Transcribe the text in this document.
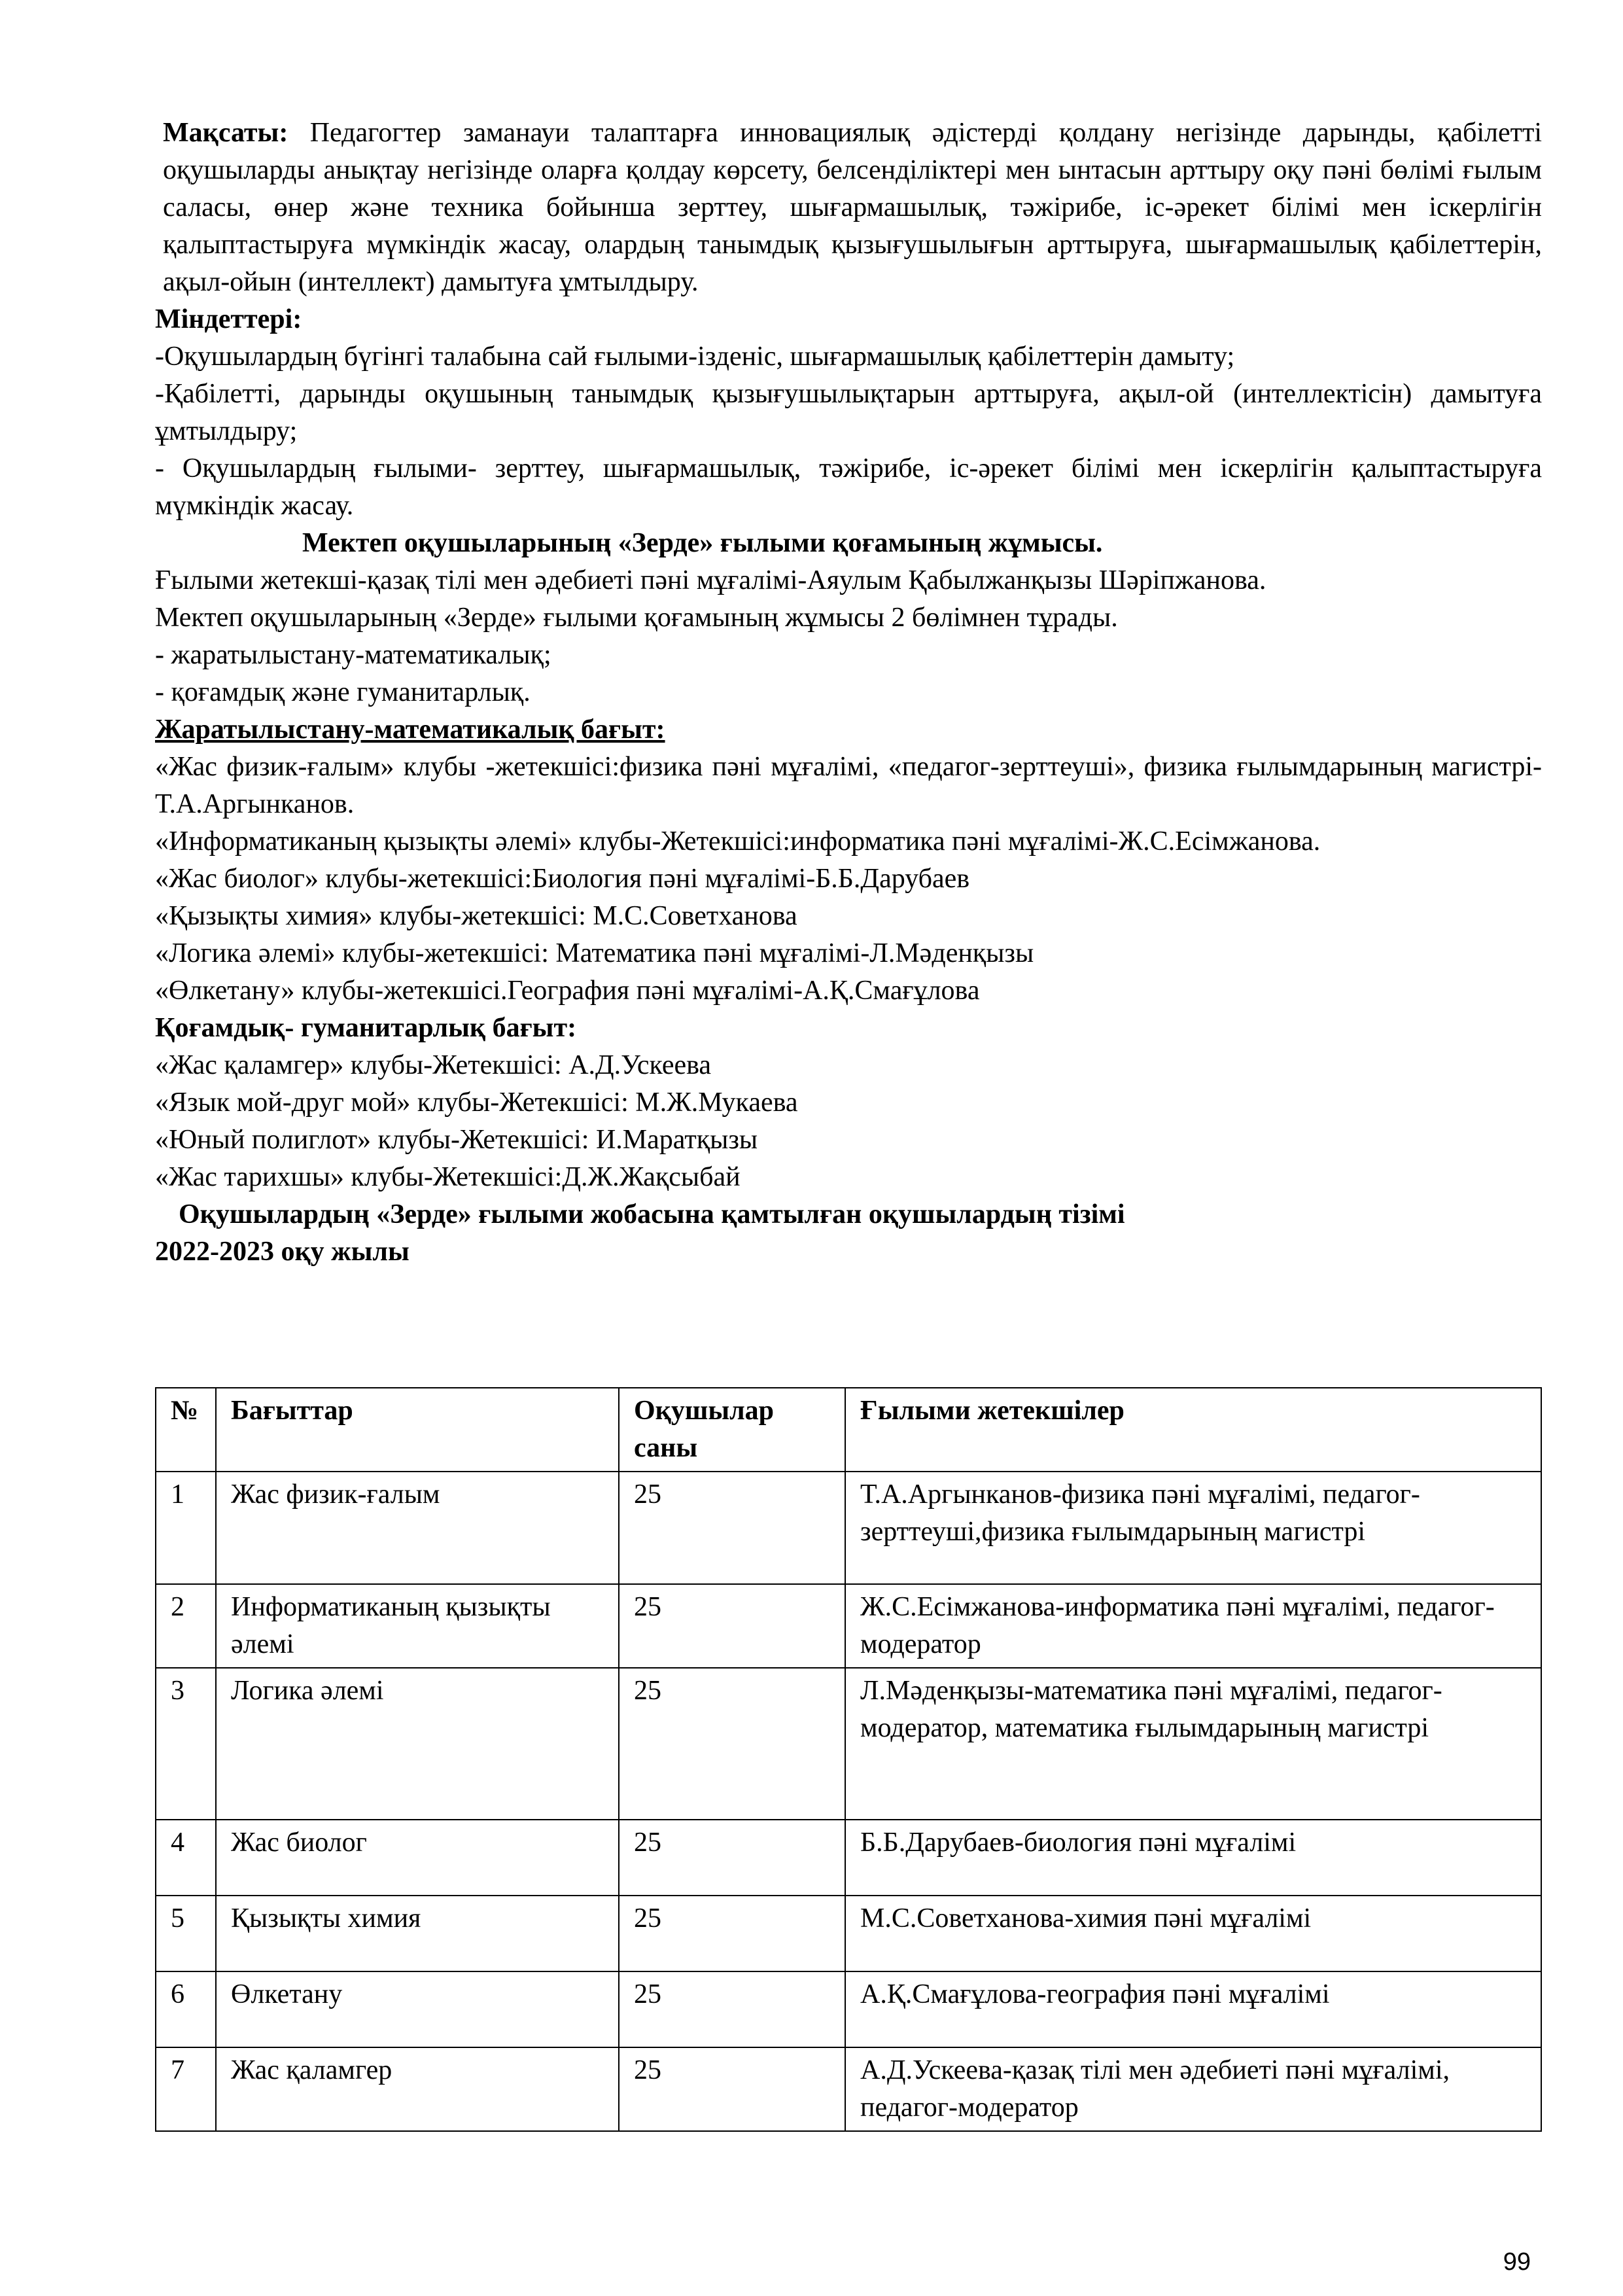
Мақсаты: Педагогтер заманауи талаптарға инновациялық әдістерді қолдану негізінде дарынды, қабілетті оқушыларды анықтау негізінде оларға қолдау көрсету, белсенділіктері мен ынтасын арттыру оқу пәні бөлімі ғылым саласы, өнер және техника бойынша зерттеу, шығармашылық, тәжірибе, іс-әрекет білімі мен іскерлігін қалыптастыруға мүмкіндік жасау, олардың танымдық қызығушылығын арттыруға, шығармашылық қабілеттерін, ақыл-ойын (интеллект) дамытуға ұмтылдыру.

Міндеттері:

-Оқушылардың бүгінгі талабына сай ғылыми-ізденіс, шығармашылық қабілеттерін дамыту;

-Қабілетті, дарынды оқушының танымдық қызығушылықтарын арттыруға, ақыл-ой (интеллектісін) дамытуға ұмтылдыру;

- Оқушылардың ғылыми- зерттеу, шығармашылық, тәжірибе, іс-әрекет білімі мен іскерлігін қалыптастыруға мүмкіндік жасау.

Мектеп оқушыларының «Зерде» ғылыми қоғамының жұмысы.

Ғылыми жетекші-қазақ тілі мен әдебиеті пәні мұғалімі-Аяулым Қабылжанқызы Шәріпжанова.

Мектеп оқушыларының «Зерде» ғылыми қоғамының жұмысы 2 бөлімнен тұрады.

- жаратылыстану-математикалық;

- қоғамдық және гуманитарлық.

Жаратылыстану-математикалық бағыт:

«Жас физик-ғалым» клубы -жетекшісі:физика пәні мұғалімі, «педагог-зерттеуші», физика ғылымдарының магистрі-Т.А.Аргынканов.

«Информатиканың қызықты әлемі» клубы-Жетекшісі:информатика пәні мұғалімі-Ж.С.Есімжанова.

«Жас биолог» клубы-жетекшісі:Биология пәні мұғалімі-Б.Б.Дарубаев

«Қызықты химия» клубы-жетекшісі: М.С.Советханова

«Логика әлемі» клубы-жетекшісі: Математика пәні мұғалімі-Л.Мәденқызы

«Өлкетану» клубы-жетекшісі.География пәні мұғалімі-А.Қ.Смағұлова

Қоғамдық- гуманитарлық бағыт:

«Жас қаламгер» клубы-Жетекшісі: А.Д.Ускеева

«Язык мой-друг мой» клубы-Жетекшісі: М.Ж.Мукаева

«Юный полиглот» клубы-Жетекшісі: И.Маратқызы

«Жас тарихшы» клубы-Жетекшісі:Д.Ж.Жақсыбай

Оқушылардың «Зерде» ғылыми жобасына қамтылған оқушылардың тізімі

2022-2023 оқу жылы

№	Бағыттар	Оқушылар саны	Ғылыми жетекшілер
1	Жас физик-ғалым	25	Т.А.Аргынканов-физика пәні мұғалімі, педагог-зерттеуші,физика ғылымдарының магистрі
2	Информатиканың қызықты әлемі	25	Ж.С.Есімжанова-информатика пәні мұғалімі, педагог-модератор
3	Логика әлемі	25	Л.Мәденқызы-математика пәні мұғалімі, педагог-модератор, математика ғылымдарының магистрі
4	Жас биолог	25	Б.Б.Дарубаев-биология пәні мұғалімі
5	Қызықты химия	25	М.С.Советханова-химия пәні мұғалімі
6	Өлкетану	25	А.Қ.Смағұлова-география пәні мұғалімі
7	Жас қаламгер	25	А.Д.Ускеева-қазақ тілі мен әдебиеті пәні мұғалімі, педагог-модератор
99
